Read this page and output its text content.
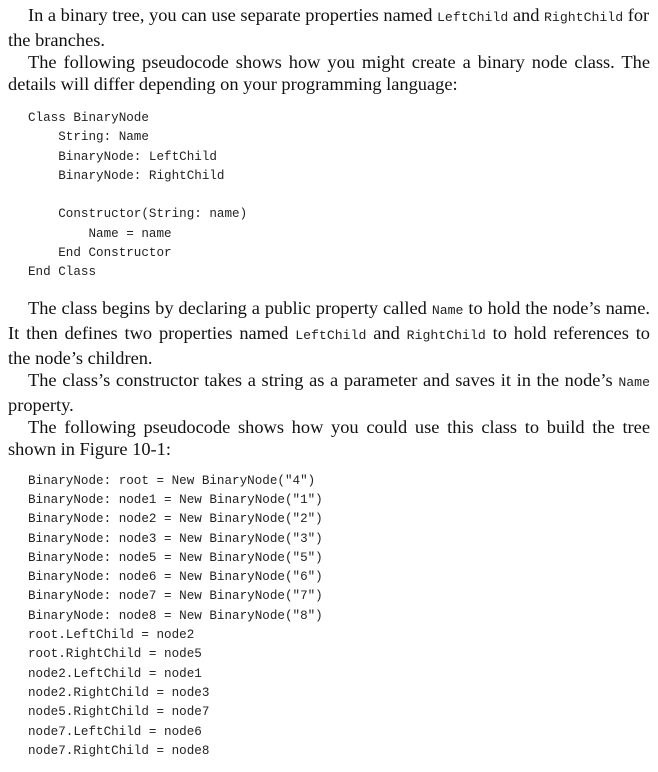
In a binary tree, you can use separate properties named LeftChild and RightChild for the branches.

The following pseudocode shows how you might create a binary node class. The details will differ depending on your programming language:

Class BinaryNode
String: Name
BinaryNode: LeftChild
BinaryNode: RightChild

Constructor(String: name)
Name = name
End Constructor
End Class

The class begins by declaring a public property called Name to hold the node’s name. It then defines two properties named LeftChild and RightChild to hold references to the node’s children.

The class’s constructor takes a string as a parameter and saves it in the node’s Name property.

The following pseudocode shows how you could use this class to build the tree shown in Figure 10-1:

BinaryNode: root = New BinaryNode("4")
BinaryNode: node1 = New BinaryNode("1")
BinaryNode: node2 = New BinaryNode("2")
BinaryNode: node3 = New BinaryNode("3")
BinaryNode: node5 = New BinaryNode("5")
BinaryNode: node6 = New BinaryNode("6")
BinaryNode: node7 = New BinaryNode("7")
BinaryNode: node8 = New BinaryNode("8")
root.LeftChild = node2
root.RightChild = node5
node2.LeftChild = node1
node2.RightChild = node3
node5.RightChild = node7
node7.LeftChild = node6
node7.RightChild = node8
